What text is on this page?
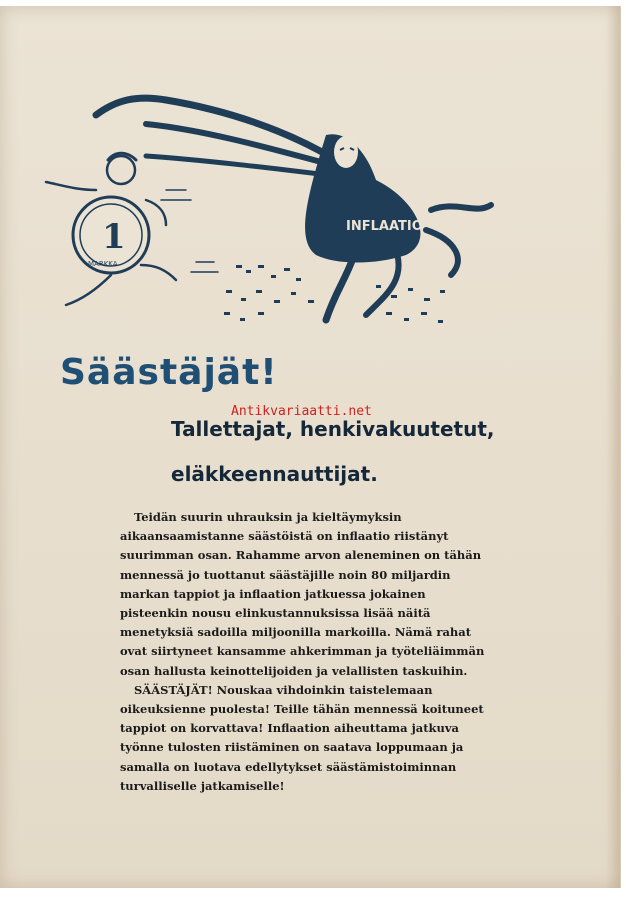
INFLAATIO
1
MARKKA
Säästäjät!
Antikvariaatti.net
Tallettajat, henkivakuutetut,
eläkkeennauttijat.

Teidän suurin uhrauksin ja kieltäymyksin aikaansaamistanne säästöistä on inflaatio riistänyt suurimman osan. Rahamme arvon aleneminen on tähän mennessä jo tuottanut säästäjille noin 80 miljardin markan tappiot ja inflaation jatkuessa jokainen pisteenkin nousu elinkustannuksissa lisää näitä menetyksiä sadoilla miljoonilla markoilla. Nämä rahat ovat siirtyneet kansamme ahkerimman ja työteliäimmän osan hallusta keinottelijoiden ja velallisten taskuihin.

SÄÄSTÄJÄT! Nouskaa vihdoinkin taistelemaan oikeuksienne puolesta! Teille tähän mennessä koituneet tappiot on korvattava! Inflaation aiheuttama jatkuva työnne tulosten riistäminen on saatava loppumaan ja samalla on luotava edellytykset säästämistoiminnan turvalliselle jatkamiselle!
